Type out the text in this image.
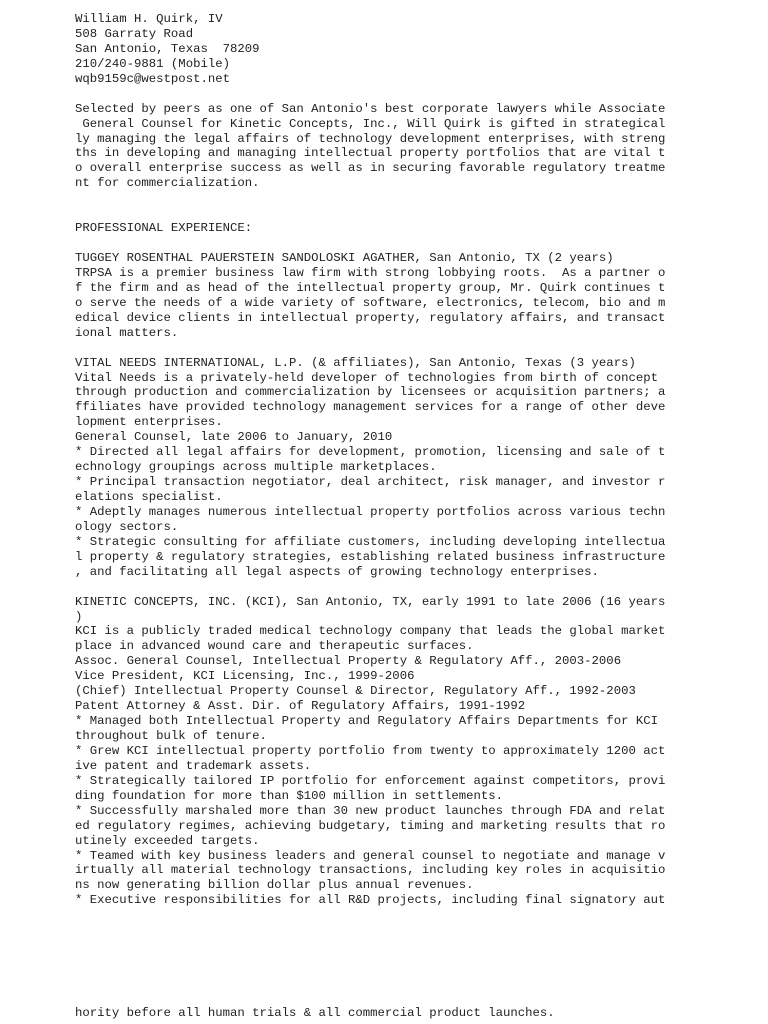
William H. Quirk, IV
508 Garraty Road
San Antonio, Texas  78209
210/240-9881 (Mobile)
wqb9159c@westpost.net
Selected by peers as one of San Antonio's best corporate lawyers while Associate
General Counsel for Kinetic Concepts, Inc., Will Quirk is gifted in strategical
ly managing the legal affairs of technology development enterprises, with streng
ths in developing and managing intellectual property portfolios that are vital t
o overall enterprise success as well as in securing favorable regulatory treatme
nt for commercialization.
PROFESSIONAL EXPERIENCE:
TUGGEY ROSENTHAL PAUERSTEIN SANDOLOSKI AGATHER, San Antonio, TX (2 years)
TRPSA is a premier business law firm with strong lobbying roots.  As a partner o
f the firm and as head of the intellectual property group, Mr. Quirk continues t
o serve the needs of a wide variety of software, electronics, telecom, bio and m
edical device clients in intellectual property, regulatory affairs, and transact
ional matters.
VITAL NEEDS INTERNATIONAL, L.P. (& affiliates), San Antonio, Texas (3 years)
Vital Needs is a privately-held developer of technologies from birth of concept
through production and commercialization by licensees or acquisition partners; a
ffiliates have provided technology management services for a range of other deve
lopment enterprises.
General Counsel, late 2006 to January, 2010
* Directed all legal affairs for development, promotion, licensing and sale of t
echnology groupings across multiple marketplaces.
* Principal transaction negotiator, deal architect, risk manager, and investor r
elations specialist.
* Adeptly manages numerous intellectual property portfolios across various techn
ology sectors.
* Strategic consulting for affiliate customers, including developing intellectua
l property & regulatory strategies, establishing related business infrastructure
, and facilitating all legal aspects of growing technology enterprises.
KINETIC CONCEPTS, INC. (KCI), San Antonio, TX, early 1991 to late 2006 (16 years
)
KCI is a publicly traded medical technology company that leads the global market
place in advanced wound care and therapeutic surfaces.
Assoc. General Counsel, Intellectual Property & Regulatory Aff., 2003-2006
Vice President, KCI Licensing, Inc., 1999-2006
(Chief) Intellectual Property Counsel & Director, Regulatory Aff., 1992-2003
Patent Attorney & Asst. Dir. of Regulatory Affairs, 1991-1992
* Managed both Intellectual Property and Regulatory Affairs Departments for KCI
throughout bulk of tenure.
* Grew KCI intellectual property portfolio from twenty to approximately 1200 act
ive patent and trademark assets.
* Strategically tailored IP portfolio for enforcement against competitors, provi
ding foundation for more than $100 million in settlements.
* Successfully marshaled more than 30 new product launches through FDA and relat
ed regulatory regimes, achieving budgetary, timing and marketing results that ro
utinely exceeded targets.
* Teamed with key business leaders and general counsel to negotiate and manage v
irtually all material technology transactions, including key roles in acquisitio
ns now generating billion dollar plus annual revenues.
* Executive responsibilities for all R&D projects, including final signatory aut
hority before all human trials & all commercial product launches.
